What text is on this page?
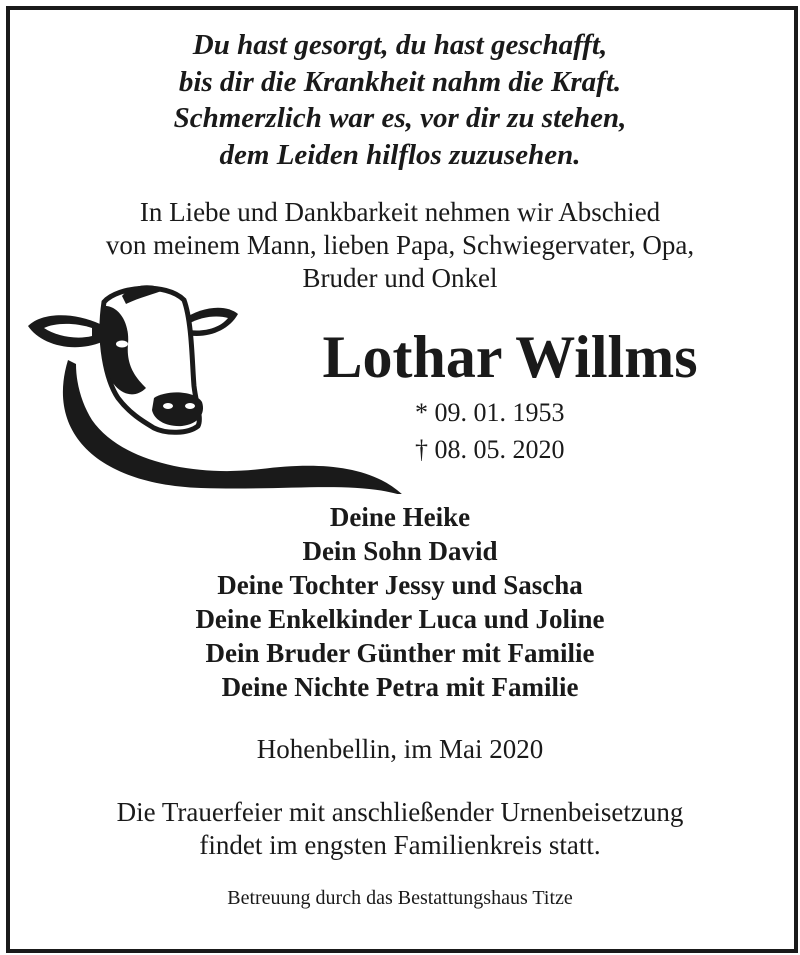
Du hast gesorgt, du hast geschafft,
bis dir die Krankheit nahm die Kraft.
Schmerzlich war es, vor dir zu stehen,
dem Leiden hilflos zuzusehen.
In Liebe und Dankbarkeit nehmen wir Abschied
von meinem Mann, lieben Papa, Schwiegervater, Opa,
Bruder und Onkel
Lothar Willms
* 09. 01. 1953
† 08. 05. 2020
Deine Heike
Dein Sohn David
Deine Tochter Jessy und Sascha
Deine Enkelkinder Luca und Joline
Dein Bruder Günther mit Familie
Deine Nichte Petra mit Familie
Hohenbellin, im Mai 2020
Die Trauerfeier mit anschließender Urnenbeisetzung
findet im engsten Familienkreis statt.
Betreuung durch das Bestattungshaus Titze
